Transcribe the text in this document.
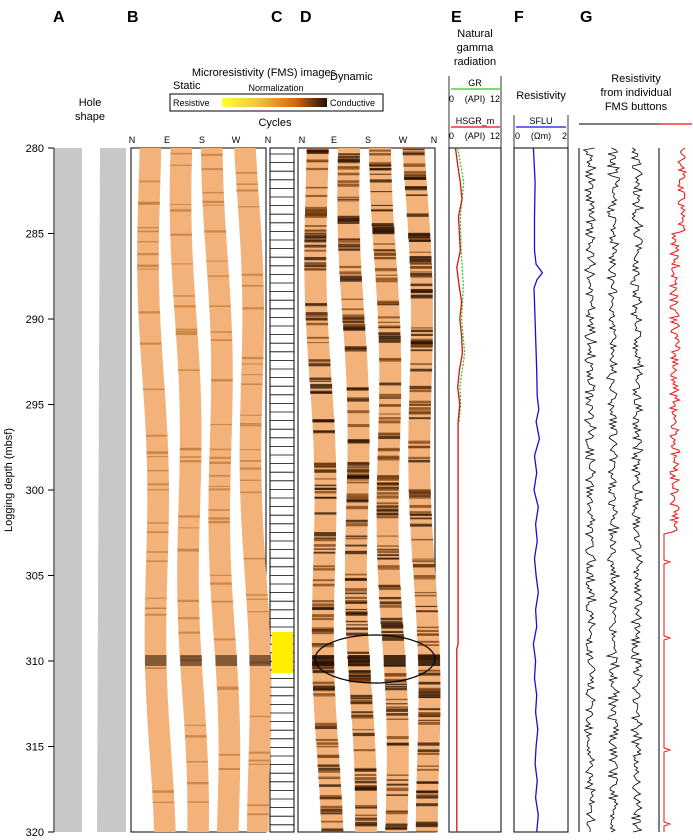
A	B	C D	E	F	G
Hole
shape
Microresistivity (FMS) images
Static
Dynamic
Normalization
Resistive	Conductive
Cycles
N	E	S	W	N	N	E	S	W	N
Natural
gamma
radiation
GR
0 (API) 12
HSGR_m
0 (API) 12
Resistivity
SFLU
0 (Ωm) 2
Resistivity
from individual
FMS buttons
Logging depth (mbsf)
280
285
290
295
300
305
310
315
320
